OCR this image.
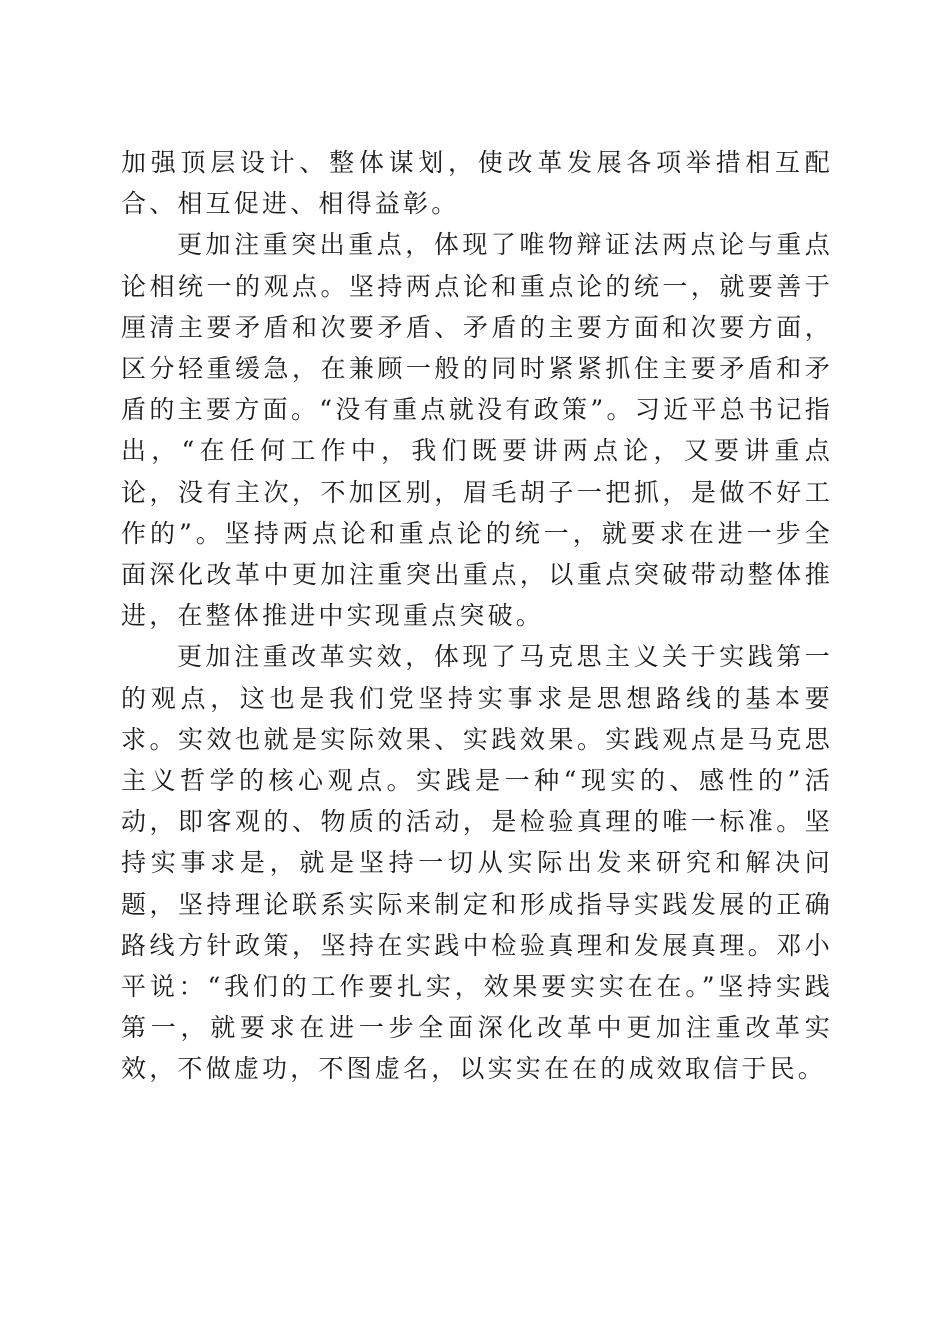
加强顶层设计、整体谋划，使改革发展各项举措相互配合、相互促进、相得益彰。

更加注重突出重点，体现了唯物辩证法两点论与重点论相统一的观点。坚持两点论和重点论的统一，就要善于厘清主要矛盾和次要矛盾、矛盾的主要方面和次要方面，区分轻重缓急，在兼顾一般的同时紧紧抓住主要矛盾和矛盾的主要方面。“没有重点就没有政策”。习近平总书记指出，“在任何工作中，我们既要讲两点论，又要讲重点论，没有主次，不加区别，眉毛胡子一把抓，是做不好工作的”。坚持两点论和重点论的统一，就要求在进一步全面深化改革中更加注重突出重点，以重点突破带动整体推进，在整体推进中实现重点突破。

更加注重改革实效，体现了马克思主义关于实践第一的观点，这也是我们党坚持实事求是思想路线的基本要求。实效也就是实际效果、实践效果。实践观点是马克思主义哲学的核心观点。实践是一种“现实的、感性的”活动，即客观的、物质的活动，是检验真理的唯一标准。坚持实事求是，就是坚持一切从实际出发来研究和解决问题，坚持理论联系实际来制定和形成指导实践发展的正确路线方针政策，坚持在实践中检验真理和发展真理。邓小平说：“我们的工作要扎实，效果要实实在在。”坚持实践第一，就要求在进一步全面深化改革中更加注重改革实效，不做虚功，不图虚名，以实实在在的成效取信于民。
